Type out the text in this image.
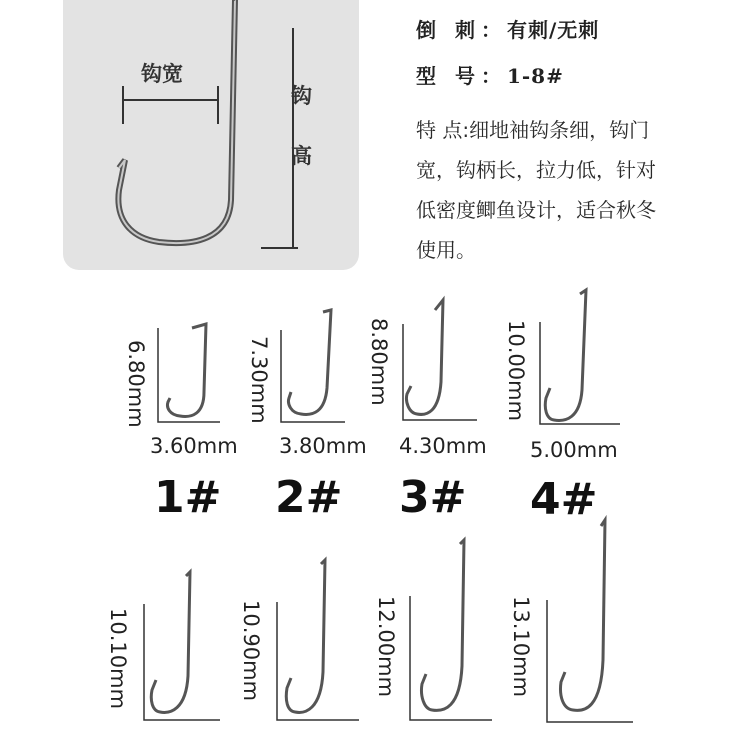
钩宽
钩
高
倒 刺：有刺/无刺
型 号：1-8#
特 点:细地袖钩条细，钩门
宽，钩柄长，拉力低，针对
低密度鲫鱼设计，适合秋冬
使用。
6.80mm
3.60mm
1#
7.30mm
3.80mm
2#
8.80mm
4.30mm
3#
10.00mm
5.00mm
4#
10.10mm	10.90mm	12.00mm	13.10mm
